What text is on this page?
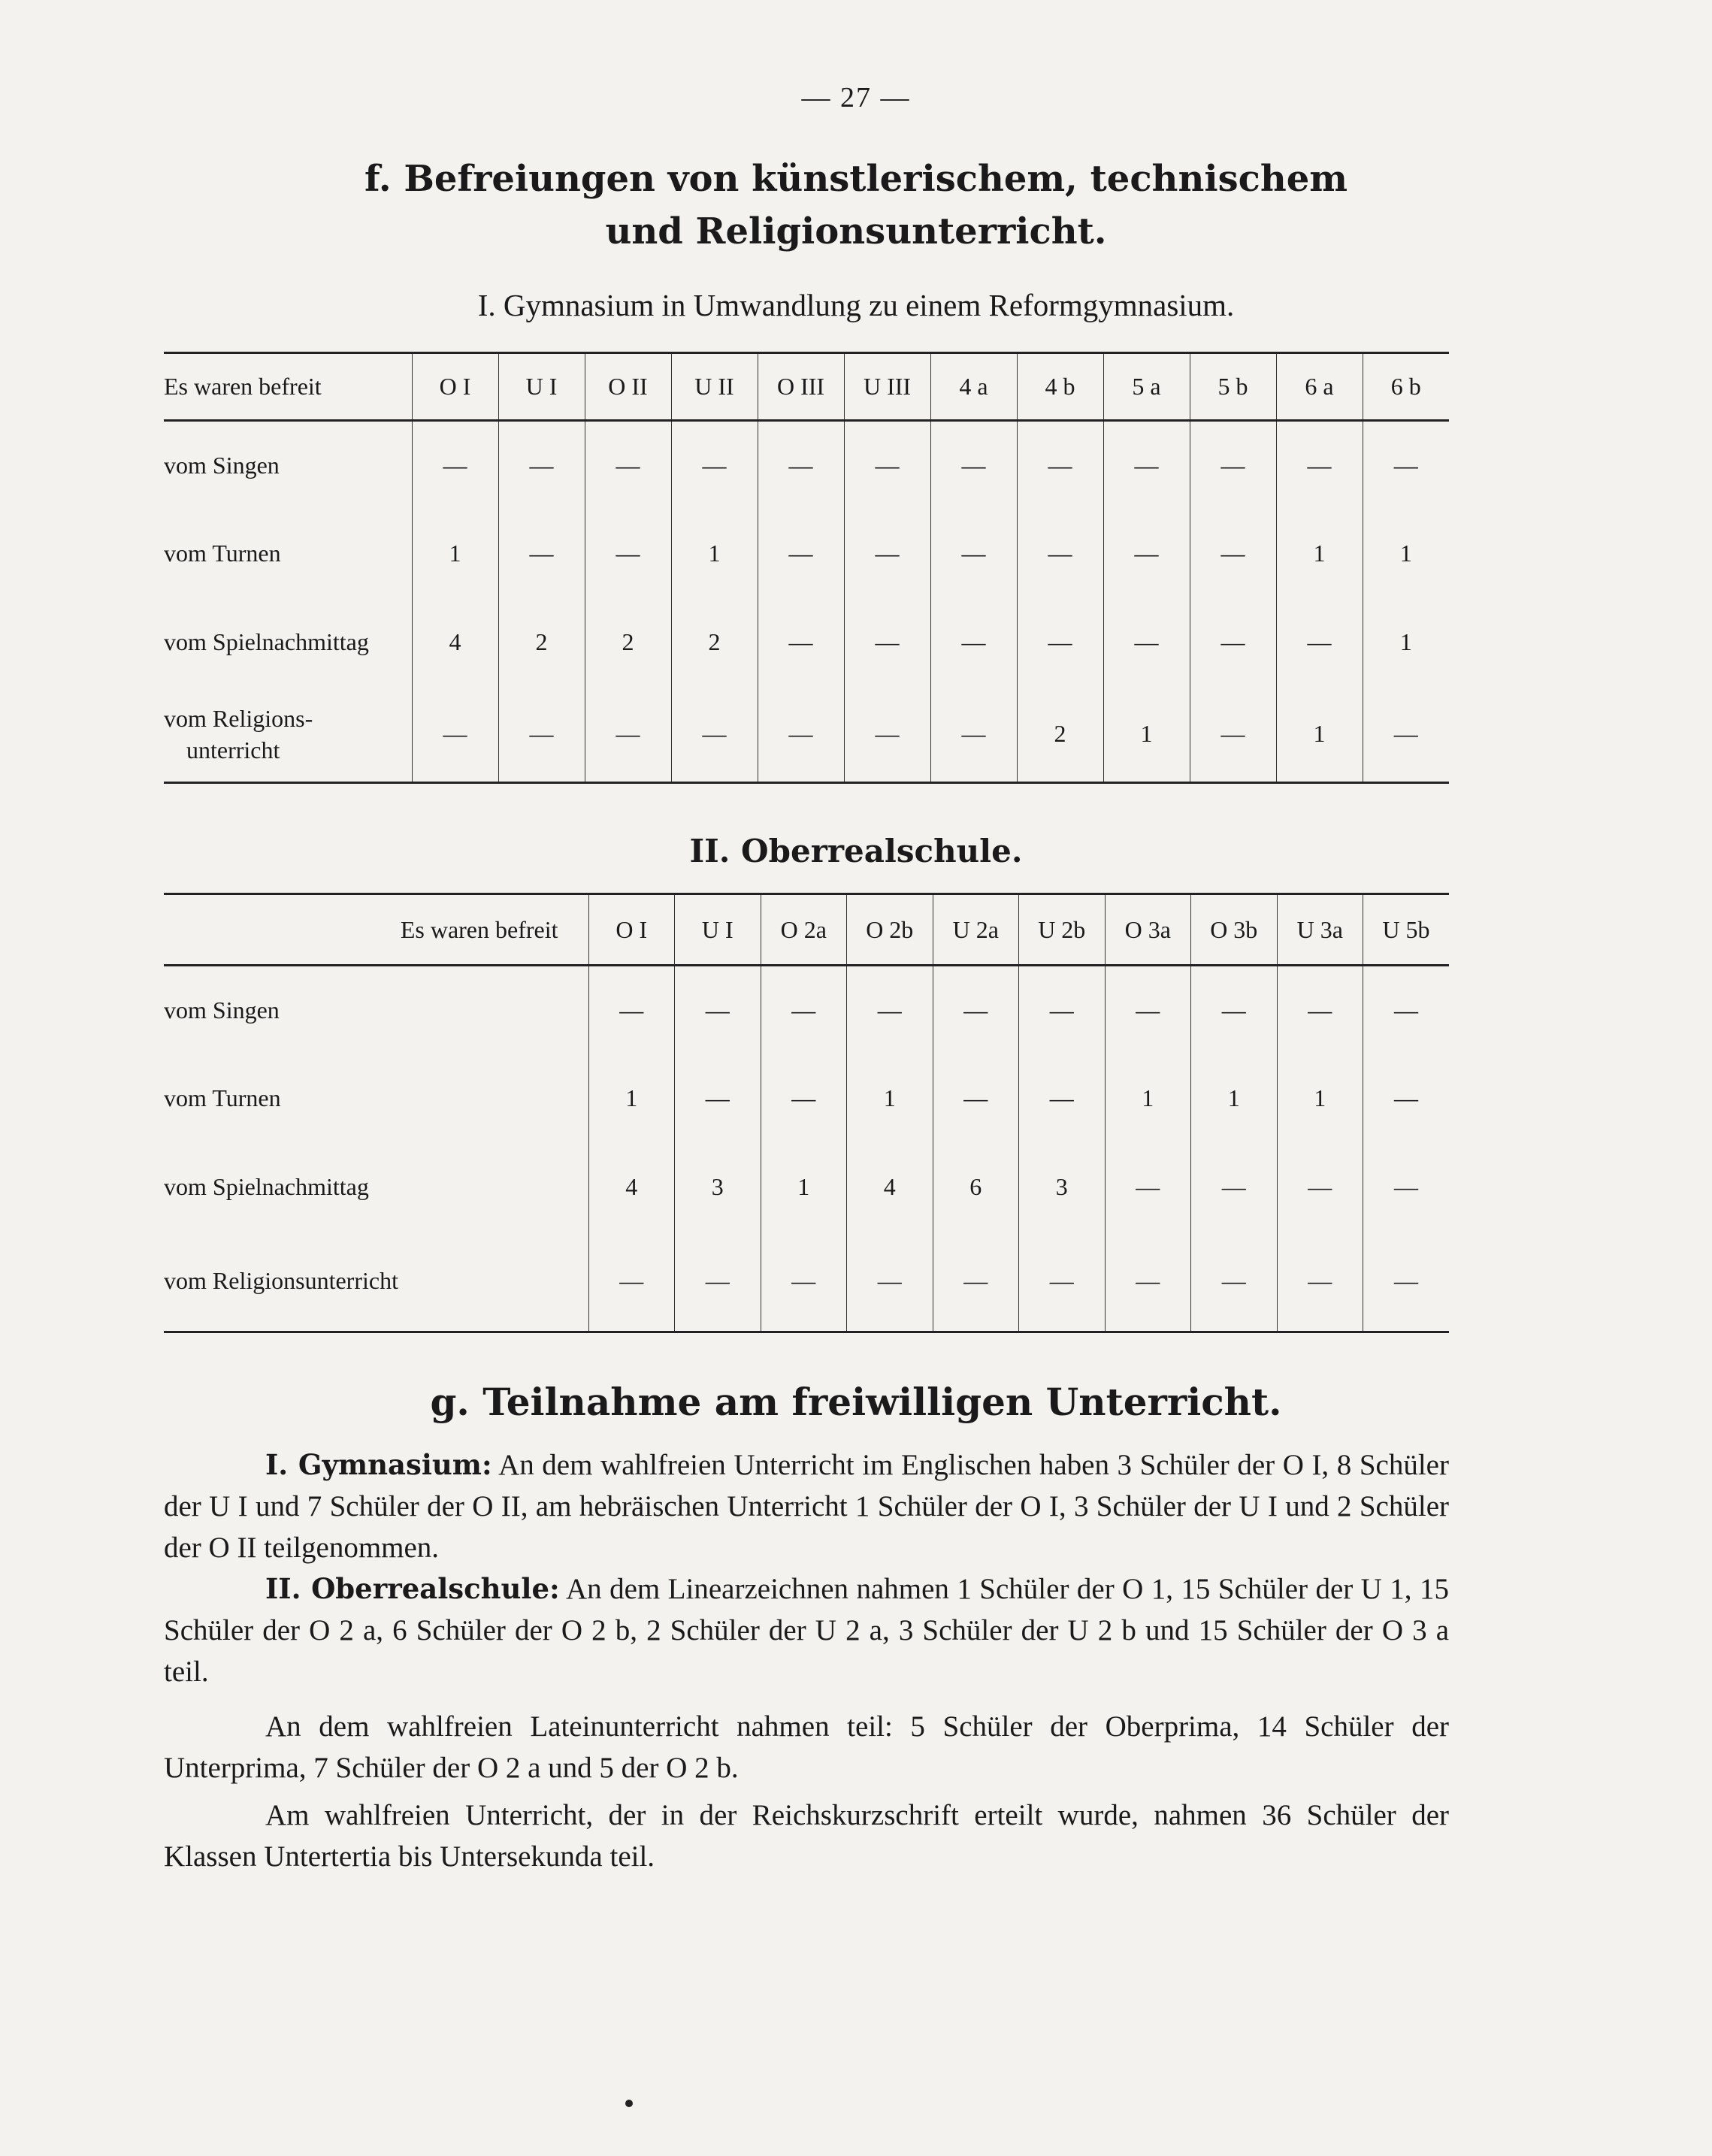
— 27 —
f. Befreiungen von künstlerischem, technischem
und Religionsunterricht.
I. Gymnasium in Umwandlung zu einem Reformgymnasium.
Es waren befreit	O I	U I	O II	U II	O III	U III	4 a	4 b	5 a	5 b	6 a	6 b
vom Singen	—	—	—	—	—	—	—	—	—	—	—	—
vom Turnen	1	—	—	1	—	—	—	—	—	—	1	1
vom Spielnachmittag	4	2	2	2	—	—	—	—	—	—	—	1
vom Religions-
unterricht	—	—	—	—	—	—	—	2	1	—	1	—
II. Oberrealschule.
Es waren befreit	O I	U I	O 2a	O 2b	U 2a	U 2b	O 3a	O 3b	U 3a	U 5b
vom Singen	—	—	—	—	—	—	—	—	—	—
vom Turnen	1	—	—	1	—	—	1	1	1	—
vom Spielnachmittag	4	3	1	4	6	3	—	—	—	—
vom Religionsunterricht	—	—	—	—	—	—	—	—	—	—
g. Teilnahme am freiwilligen Unterricht.

I. Gymnasium: An dem wahlfreien Unterricht im Englischen haben 3 Schüler der O I, 8 Schüler der U I und 7 Schüler der O II, am hebräischen Unterricht 1 Schüler der O I, 3 Schüler der U I und 2 Schüler der O II teilgenommen.

II. Oberrealschule: An dem Linearzeichnen nahmen 1 Schüler der O 1, 15 Schüler der U 1, 15 Schüler der O 2 a, 6 Schüler der O 2 b, 2 Schüler der U 2 a, 3 Schüler der U 2 b und 15 Schüler der O 3 a teil.

An dem wahlfreien Lateinunterricht nahmen teil: 5 Schüler der Oberprima, 14 Schüler der Unterprima, 7 Schüler der O 2 a und 5 der O 2 b.

Am wahlfreien Unterricht, der in der Reichskurzschrift erteilt wurde, nahmen 36 Schüler der Klassen Untertertia bis Untersekunda teil.
